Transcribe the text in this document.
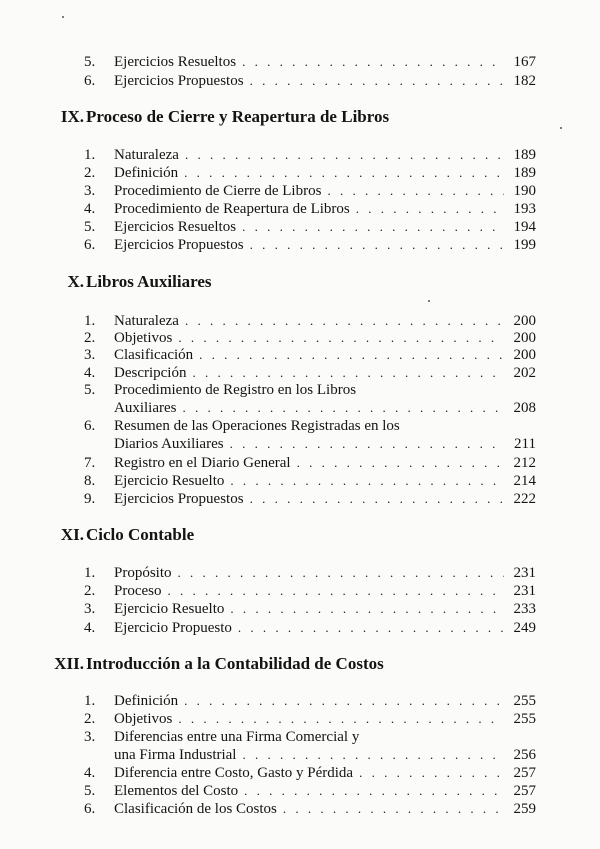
5.	Ejercicios Resueltos . . .	167
6.	Ejercicios Propuestos . . .	182
IX. Proceso de Cierre y Reapertura de Libros
1.	Naturaleza . . .	189
2.	Definición . . .	189
3.	Procedimiento de Cierre de Libros . . .	190
4.	Procedimiento de Reapertura de Libros . . .	193
5.	Ejercicios Resueltos . . .	194
6.	Ejercicios Propuestos . . .	199
X. Libros Auxiliares
1.	Naturaleza . . .	200
2.	Objetivos . . .	200
3.	Clasificación . . .	200
4.	Descripción . . .	202
5.	Procedimiento de Registro en los Libros
Auxiliares . . .	208
6.	Resumen de las Operaciones Registradas en los
Diarios Auxiliares . . .	211
7.	Registro en el Diario General . . .	212
8.	Ejercicio Resuelto . . .	214
9.	Ejercicios Propuestos . . .	222
XI. Ciclo Contable
1.	Propósito . . .	231
2.	Proceso . . .	231
3.	Ejercicio Resuelto . . .	233
4.	Ejercicio Propuesto . . .	249
XII. Introducción a la Contabilidad de Costos
1.	Definición . . .	255
2.	Objetivos . . .	255
3.	Diferencias entre una Firma Comercial y
una Firma Industrial . . .	256
4.	Diferencia entre Costo, Gasto y Pérdida . . .	257
5.	Elementos del Costo . . .	257
6.	Clasificación de los Costos . . .	259
